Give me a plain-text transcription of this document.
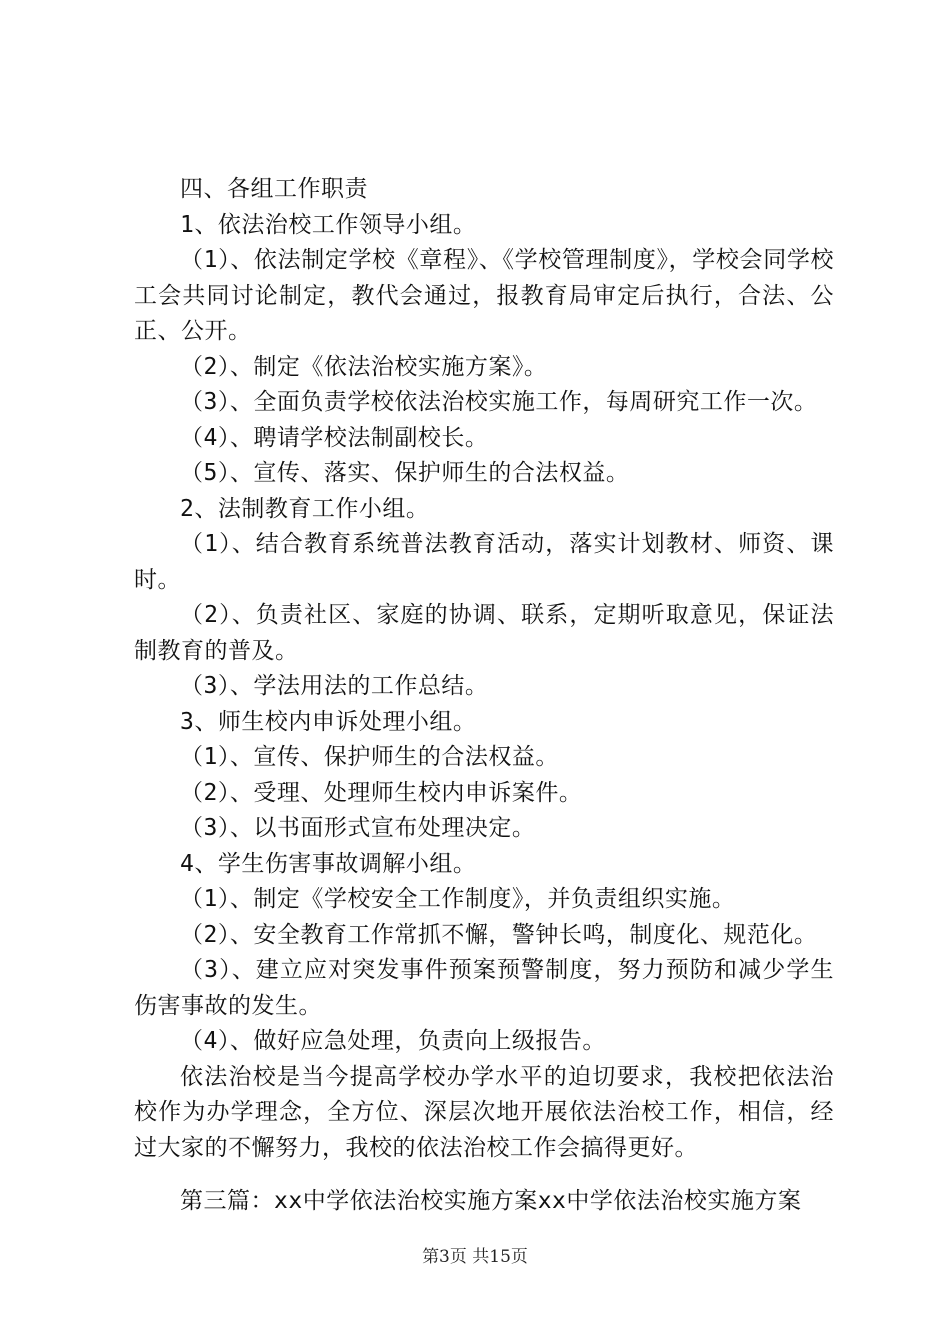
四、各组工作职责

1、依法治校工作领导小组。

（1）、依法制定学校《章程》、《学校管理制度》，学校会同学校工会共同讨论制定，教代会通过，报教育局审定后执行，合法、公正、公开。

（2）、制定《依法治校实施方案》。

（3）、全面负责学校依法治校实施工作，每周研究工作一次。

（4）、聘请学校法制副校长。

（5）、宣传、落实、保护师生的合法权益。

2、法制教育工作小组。

（1）、结合教育系统普法教育活动，落实计划教材、师资、课时。

（2）、负责社区、家庭的协调、联系，定期听取意见，保证法制教育的普及。

（3）、学法用法的工作总结。

3、师生校内申诉处理小组。

（1）、宣传、保护师生的合法权益。

（2）、受理、处理师生校内申诉案件。

（3）、以书面形式宣布处理决定。

4、学生伤害事故调解小组。

（1）、制定《学校安全工作制度》，并负责组织实施。

（2）、安全教育工作常抓不懈，警钟长鸣，制度化、规范化。

（3）、建立应对突发事件预案预警制度，努力预防和减少学生伤害事故的发生。

（4）、做好应急处理，负责向上级报告。

依法治校是当今提高学校办学水平的迫切要求，我校把依法治校作为办学理念，全方位、深层次地开展依法治校工作，相信，经过大家的不懈努力，我校的依法治校工作会搞得更好。

第三篇：xx中学依法治校实施方案xx中学依法治校实施方案

第3页 共15页
